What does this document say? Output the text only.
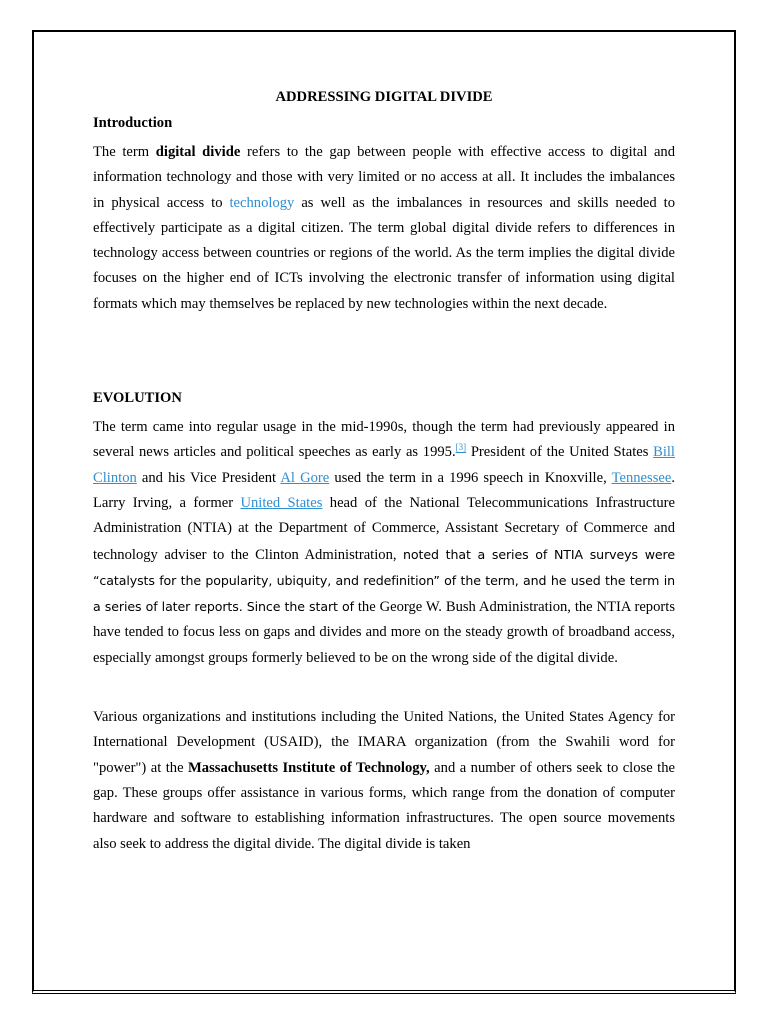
ADDRESSING DIGITAL DIVIDE
Introduction

The term digital divide refers to the gap between people with effective access to digital and information technology and those with very limited or no access at all. It includes the imbalances in physical access to technology as well as the imbalances in resources and skills needed to effectively participate as a digital citizen. The term global digital divide refers to differences in technology access between countries or regions of the world. As the term implies the digital divide focuses on the higher end of ICTs involving the electronic transfer of information using digital formats which may themselves be replaced by new technologies within the next decade.

EVOLUTION

The term came into regular usage in the mid-1990s, though the term had previously appeared in several news articles and political speeches as early as 1995.[3] President of the United States Bill Clinton and his Vice President Al Gore used the term in a 1996 speech in Knoxville, Tennessee. Larry Irving, a former United States head of the National Telecommunications Infrastructure Administration (NTIA) at the Department of Commerce, Assistant Secretary of Commerce and technology adviser to the Clinton Administration, noted that a series of NTIA surveys were “catalysts for the popularity, ubiquity, and redefinition” of the term, and he used the term in a series of later reports. Since the start of the George W. Bush Administration, the NTIA reports have tended to focus less on gaps and divides and more on the steady growth of broadband access, especially amongst groups formerly believed to be on the wrong side of the digital divide.

Various organizations and institutions including the United Nations, the United States Agency for International Development (USAID), the IMARA organization (from the Swahili word for "power") at the Massachusetts Institute of Technology, and a number of others seek to close the gap. These groups offer assistance in various forms, which range from the donation of computer hardware and software to establishing information infrastructures. The open source movements also seek to address the digital divide. The digital divide is taken
